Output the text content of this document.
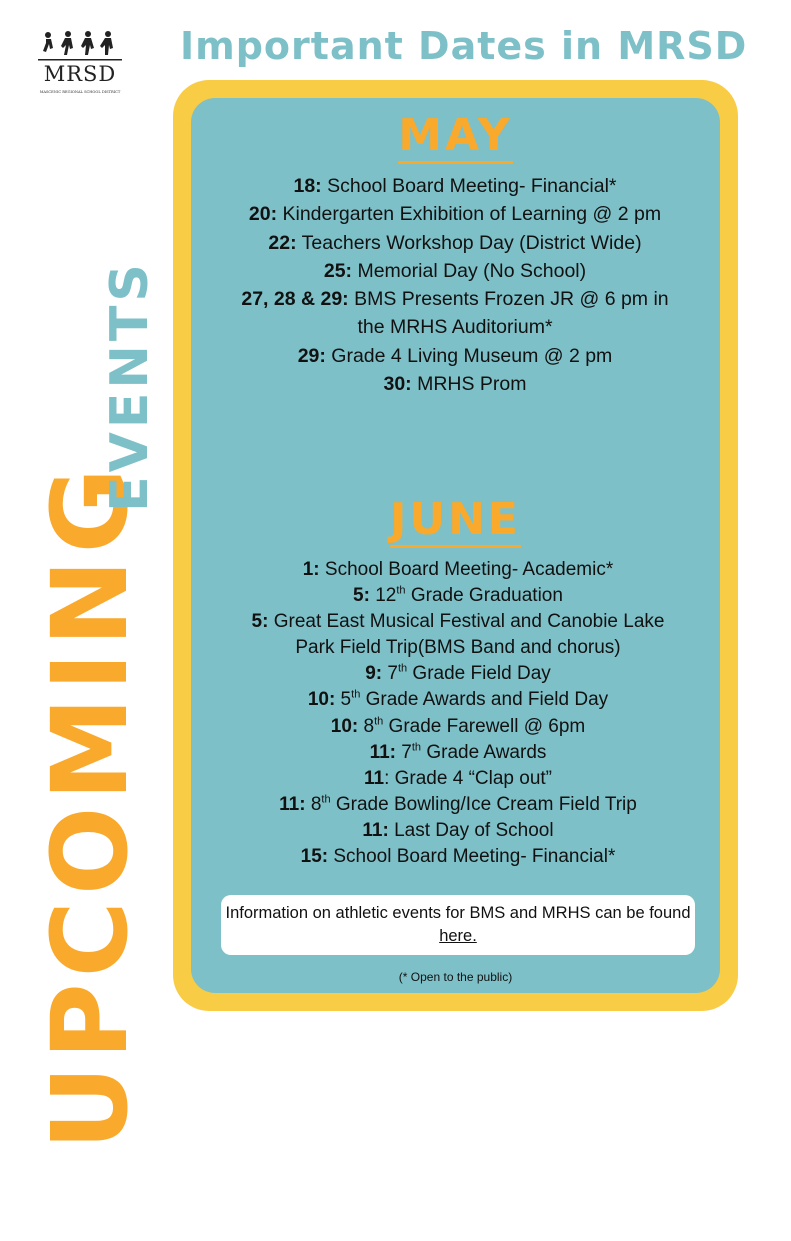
MRSD
MASCENIC REGIONAL SCHOOL DISTRICT
Important Dates in MRSD
UPCOMING
EVENTS
MAY
18: School Board Meeting- Financial*
20: Kindergarten Exhibition of Learning @ 2 pm
22: Teachers Workshop Day (District Wide)
25: Memorial Day (No School)
27, 28 & 29: BMS Presents Frozen JR @ 6 pm in the MRHS Auditorium*
29: Grade 4 Living Museum @ 2 pm
30: MRHS Prom
JUNE
1: School Board Meeting- Academic*
5: 12th Grade Graduation
5: Great East Musical Festival and Canobie Lake Park Field Trip(BMS Band and chorus)
9: 7th Grade Field Day
10: 5th Grade Awards and Field Day
10: 8th Grade Farewell @ 6pm
11: 7th Grade Awards
11: Grade 4 “Clap out”
11: 8th Grade Bowling/Ice Cream Field Trip
11: Last Day of School
15: School Board Meeting- Financial*
Information on athletic events for BMS and MRHS can be found here.
(* Open to the public)
